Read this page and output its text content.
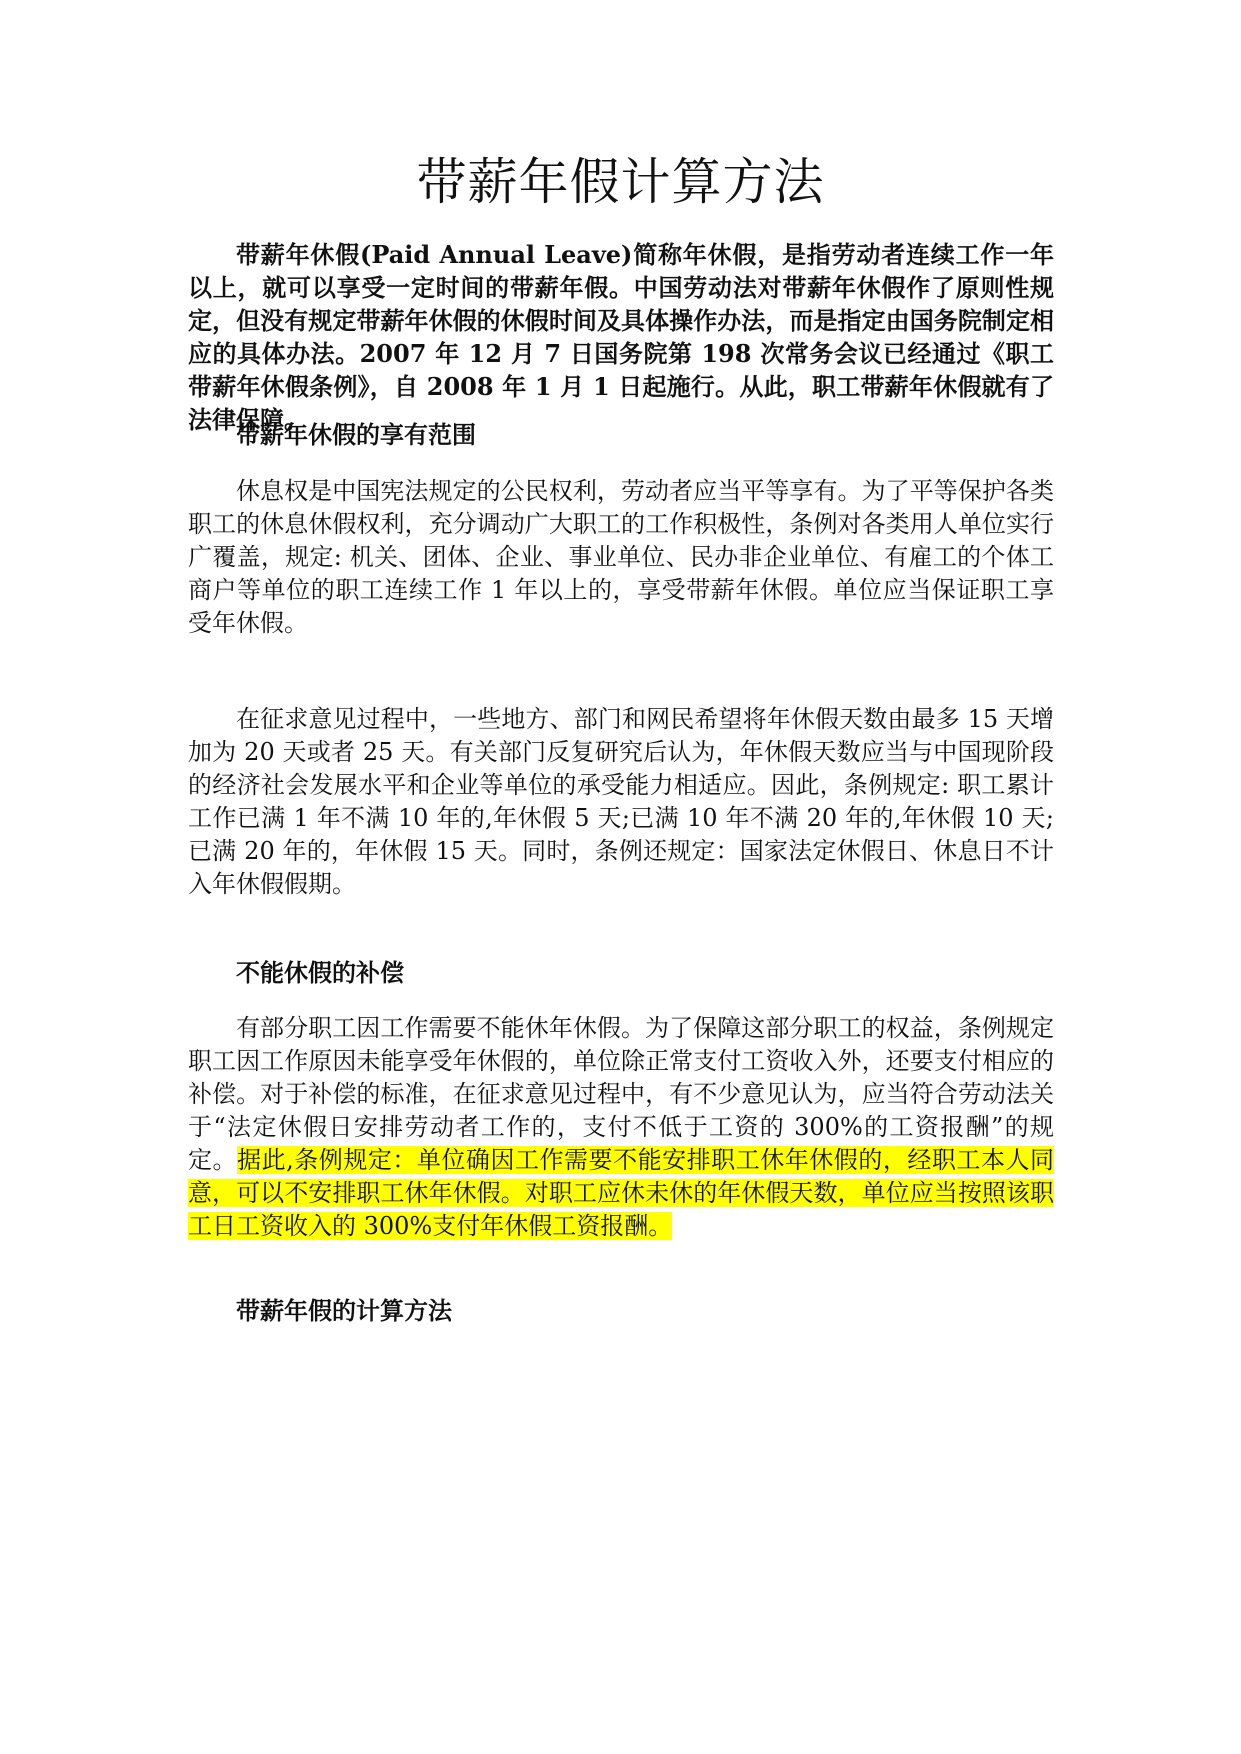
带薪年假计算方法

带薪年休假(Paid Annual Leave)简称年休假，是指劳动者连续工作一年以上，就可以享受一定时间的带薪年假。中国劳动法对带薪年休假作了原则性规定，但没有规定带薪年休假的休假时间及具体操作办法，而是指定由国务院制定相应的具体办法。2007 年 12 月 7 日国务院第 198 次常务会议已经通过《职工带薪年休假条例》，自 2008 年 1 月 1 日起施行。从此，职工带薪年休假就有了法律保障。

带薪年休假的享有范围

休息权是中国宪法规定的公民权利，劳动者应当平等享有。为了平等保护各类职工的休息休假权利，充分调动广大职工的工作积极性，条例对各类用人单位实行广覆盖，规定: 机关、团体、企业、事业单位、民办非企业单位、有雇工的个体工商户等单位的职工连续工作 1 年以上的，享受带薪年休假。单位应当保证职工享受年休假。

在征求意见过程中，一些地方、部门和网民希望将年休假天数由最多 15 天增加为 20 天或者 25 天。有关部门反复研究后认为，年休假天数应当与中国现阶段的经济社会发展水平和企业等单位的承受能力相适应。因此，条例规定: 职工累计工作已满 1 年不满 10 年的,年休假 5 天;已满 10 年不满 20 年的,年休假 10 天;已满 20 年的，年休假 15 天。同时，条例还规定：国家法定休假日、休息日不计入年休假假期。

不能休假的补偿

有部分职工因工作需要不能休年休假。为了保障这部分职工的权益，条例规定职工因工作原因未能享受年休假的，单位除正常支付工资收入外，还要支付相应的补偿。对于补偿的标准，在征求意见过程中，有不少意见认为，应当符合劳动法关于“法定休假日安排劳动者工作的，支付不低于工资的 300%的工资报酬”的规定。据此,条例规定：单位确因工作需要不能安排职工休年休假的，经职工本人同意，可以不安排职工休年休假。对职工应休未休的年休假天数，单位应当按照该职工日工资收入的 300%支付年休假工资报酬。

带薪年假的计算方法
